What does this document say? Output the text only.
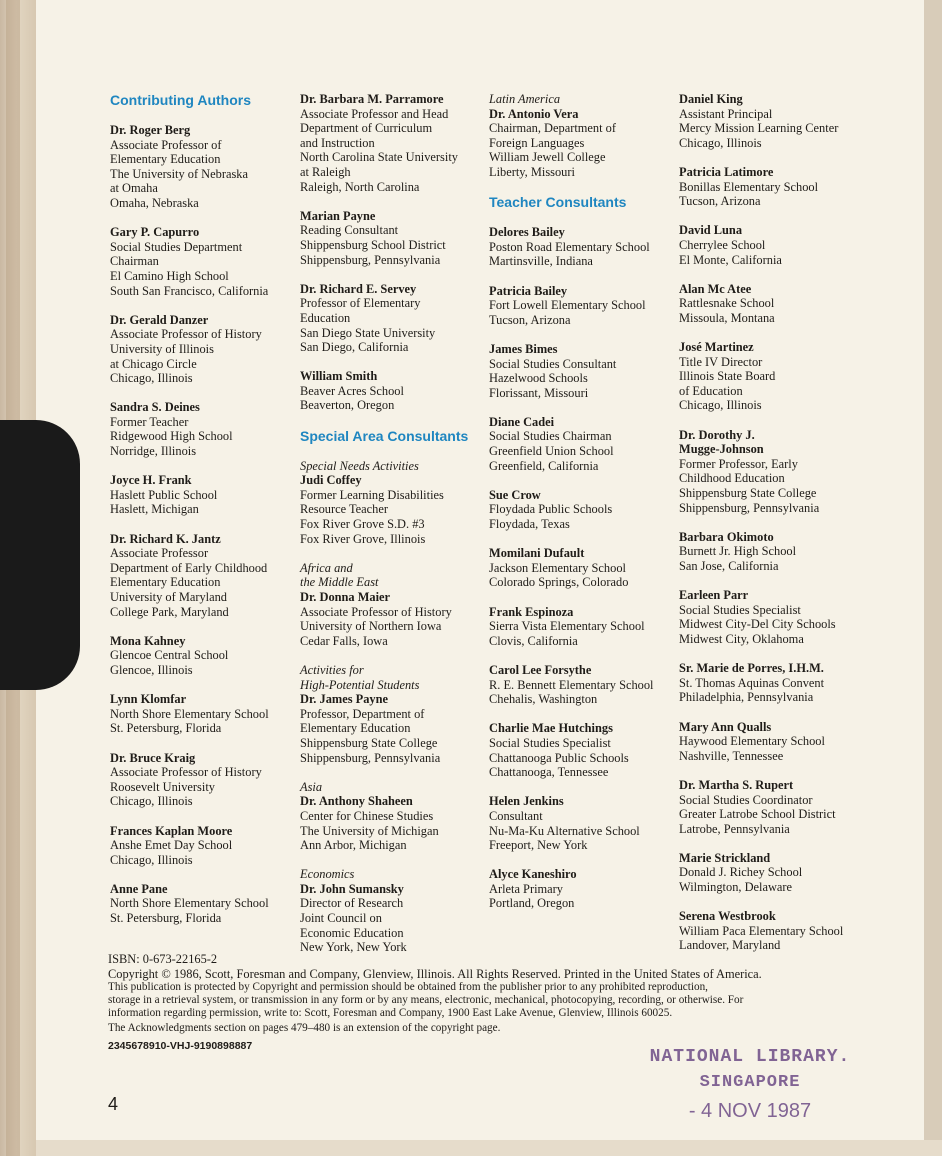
Contributing Authors
Dr. Roger Berg
Associate Professor of
Elementary Education
The University of Nebraska
at Omaha
Omaha, Nebraska
Gary P. Capurro
Social Studies Department
Chairman
El Camino High School
South San Francisco, California
Dr. Gerald Danzer
Associate Professor of History
University of Illinois
at Chicago Circle
Chicago, Illinois
Sandra S. Deines
Former Teacher
Ridgewood High School
Norridge, Illinois
Joyce H. Frank
Haslett Public School
Haslett, Michigan
Dr. Richard K. Jantz
Associate Professor
Department of Early Childhood
Elementary Education
University of Maryland
College Park, Maryland
Mona Kahney
Glencoe Central School
Glencoe, Illinois
Lynn Klomfar
North Shore Elementary School
St. Petersburg, Florida
Dr. Bruce Kraig
Associate Professor of History
Roosevelt University
Chicago, Illinois
Frances Kaplan Moore
Anshe Emet Day School
Chicago, Illinois
Anne Pane
North Shore Elementary School
St. Petersburg, Florida
Dr. Barbara M. Parramore
Associate Professor and Head
Department of Curriculum
and Instruction
North Carolina State University
at Raleigh
Raleigh, North Carolina
Marian Payne
Reading Consultant
Shippensburg School District
Shippensburg, Pennsylvania
Dr. Richard E. Servey
Professor of Elementary
Education
San Diego State University
San Diego, California
William Smith
Beaver Acres School
Beaverton, Oregon
Special Area Consultants
Special Needs Activities
Judi Coffey
Former Learning Disabilities
Resource Teacher
Fox River Grove S.D. #3
Fox River Grove, Illinois
Africa and
the Middle East
Dr. Donna Maier
Associate Professor of History
University of Northern Iowa
Cedar Falls, Iowa
Activities for
High-Potential Students
Dr. James Payne
Professor, Department of
Elementary Education
Shippensburg State College
Shippensburg, Pennsylvania
Asia
Dr. Anthony Shaheen
Center for Chinese Studies
The University of Michigan
Ann Arbor, Michigan
Economics
Dr. John Sumansky
Director of Research
Joint Council on
Economic Education
New York, New York
Latin America
Dr. Antonio Vera
Chairman, Department of
Foreign Languages
William Jewell College
Liberty, Missouri
Teacher Consultants
Delores Bailey
Poston Road Elementary School
Martinsville, Indiana
Patricia Bailey
Fort Lowell Elementary School
Tucson, Arizona
James Bimes
Social Studies Consultant
Hazelwood Schools
Florissant, Missouri
Diane Cadei
Social Studies Chairman
Greenfield Union School
Greenfield, California
Sue Crow
Floydada Public Schools
Floydada, Texas
Momilani Dufault
Jackson Elementary School
Colorado Springs, Colorado
Frank Espinoza
Sierra Vista Elementary School
Clovis, California
Carol Lee Forsythe
R. E. Bennett Elementary School
Chehalis, Washington
Charlie Mae Hutchings
Social Studies Specialist
Chattanooga Public Schools
Chattanooga, Tennessee
Helen Jenkins
Consultant
Nu-Ma-Ku Alternative School
Freeport, New York
Alyce Kaneshiro
Arleta Primary
Portland, Oregon
Daniel King
Assistant Principal
Mercy Mission Learning Center
Chicago, Illinois
Patricia Latimore
Bonillas Elementary School
Tucson, Arizona
David Luna
Cherrylee School
El Monte, California
Alan Mc Atee
Rattlesnake School
Missoula, Montana
José Martinez
Title IV Director
Illinois State Board
of Education
Chicago, Illinois
Dr. Dorothy J.
Mugge-Johnson
Former Professor, Early
Childhood Education
Shippensburg State College
Shippensburg, Pennsylvania
Barbara Okimoto
Burnett Jr. High School
San Jose, California
Earleen Parr
Social Studies Specialist
Midwest City-Del City Schools
Midwest City, Oklahoma
Sr. Marie de Porres, I.H.M.
St. Thomas Aquinas Convent
Philadelphia, Pennsylvania
Mary Ann Qualls
Haywood Elementary School
Nashville, Tennessee
Dr. Martha S. Rupert
Social Studies Coordinator
Greater Latrobe School District
Latrobe, Pennsylvania
Marie Strickland
Donald J. Richey School
Wilmington, Delaware
Serena Westbrook
William Paca Elementary School
Landover, Maryland
ISBN: 0-673-22165-2
Copyright © 1986, Scott, Foresman and Company, Glenview, Illinois. All Rights Reserved. Printed in the United States of America.
This publication is protected by Copyright and permission should be obtained from the publisher prior to any prohibited reproduction,
storage in a retrieval system, or transmission in any form or by any means, electronic, mechanical, photocopying, recording, or otherwise. For
information regarding permission, write to: Scott, Foresman and Company, 1900 East Lake Avenue, Glenview, Illinois 60025.
The Acknowledgments section on pages 479–480 is an extension of the copyright page.
2345678910-VHJ-9190898887
4
NATIONAL LIBRARY.
SINGAPORE
- 4 NOV 1987
